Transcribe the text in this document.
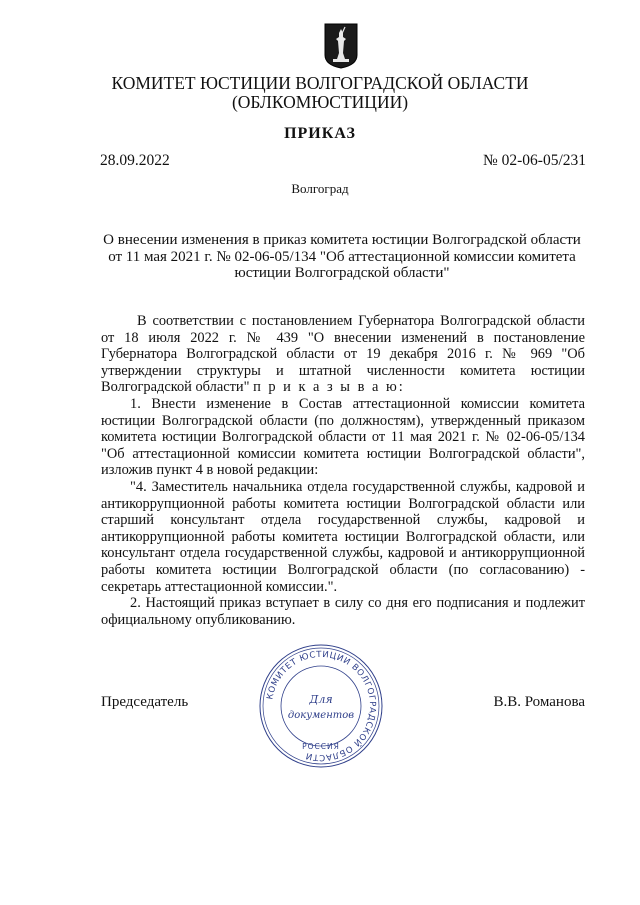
КОМИТЕТ ЮСТИЦИИ ВОЛГОГРАДСКОЙ ОБЛАСТИ
(ОБЛКОМЮСТИЦИИ)
ПРИКАЗ
28.09.2022	№ 02-06-05/231
Волгоград
О внесении изменения в приказ комитета юстиции Волгоградской области
от 11 мая 2021 г. № 02-06-05/134 "Об аттестационной комиссии комитета
юстиции Волгоградской области"

В соответствии с постановлением Губернатора Волгоградской области от 18 июля 2022 г. № 439 "О внесении изменений в постановление Губернатора Волгоградской области от 19 декабря 2016 г. № 969 "Об утверждении структуры и штатной численности комитета юстиции Волгоградской области" п р и к а з ы в а ю:

1. Внести изменение в Состав аттестационной комиссии комитета юстиции Волгоградской области (по должностям), утвержденный приказом комитета юстиции Волгоградской области от 11 мая 2021 г. № 02-06-05/134 "Об аттестационной комиссии комитета юстиции Волгоградской области", изложив пункт 4 в новой редакции:

"4. Заместитель начальника отдела государственной службы, кадровой и антикоррупционной работы комитета юстиции Волгоградской области или старший консультант отдела государственной службы, кадровой и антикоррупционной работы комитета юстиции Волгоградской области, или консультант отдела государственной службы, кадровой и антикоррупционной работы комитета юстиции Волгоградской области (по согласованию) - секретарь аттестационной комиссии.".

2. Настоящий приказ вступает в силу со дня его подписания и подлежит официальному опубликованию.

Председатель	В.В. Романова
КОМИТЕТ ЮСТИЦИИ ВОЛГОГРАДСКОЙ ОБЛАСТИ
РОССИЯ
Для
документов
